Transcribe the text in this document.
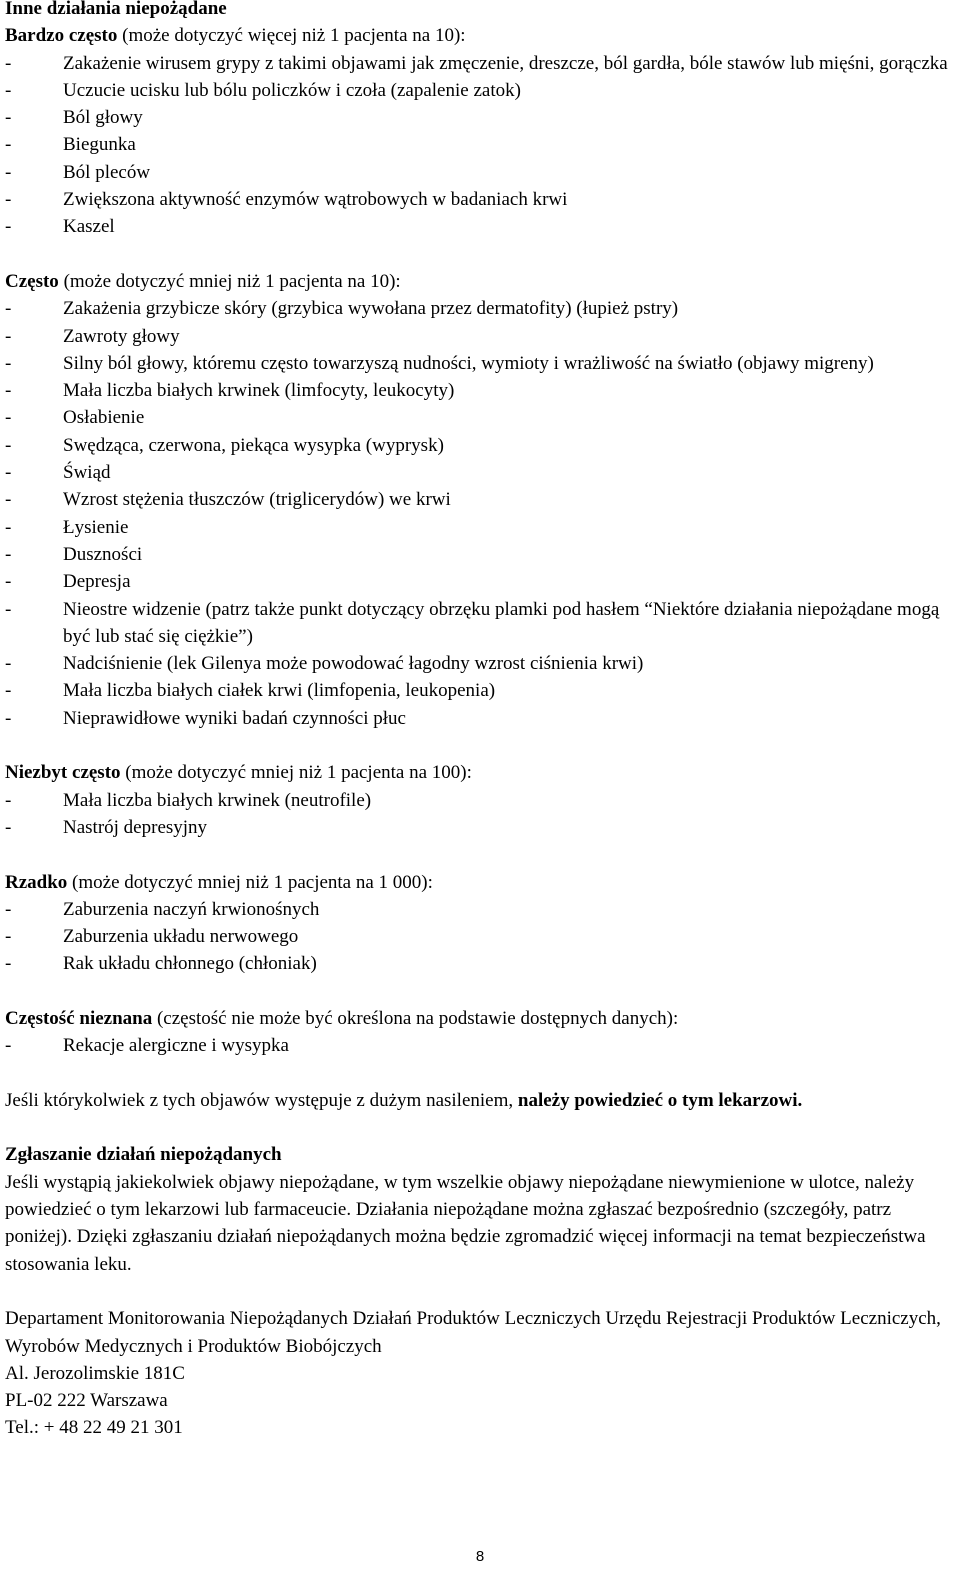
Inne działania niepożądane

Bardzo często (może dotyczyć więcej niż 1 pacjenta na 10):

-	Zakażenie wirusem grypy z takimi objawami jak zmęczenie, dreszcze, ból gardła, bóle stawów lub mięśni, gorączka
-	Uczucie ucisku lub bólu policzków i czoła (zapalenie zatok)
-	Ból głowy
-	Biegunka
-	Ból pleców
-	Zwiększona aktywność enzymów wątrobowych w badaniach krwi
-	Kaszel

Często (może dotyczyć mniej niż 1 pacjenta na 10):

-	Zakażenia grzybicze skóry (grzybica wywołana przez dermatofity) (łupież pstry)
-	Zawroty głowy
-	Silny ból głowy, któremu często towarzyszą nudności, wymioty i wrażliwość na światło (objawy migreny)
-	Mała liczba białych krwinek (limfocyty, leukocyty)
-	Osłabienie
-	Swędząca, czerwona, piekąca wysypka (wyprysk)
-	Świąd
-	Wzrost stężenia tłuszczów (triglicerydów) we krwi
-	Łysienie
-	Duszności
-	Depresja
-	Nieostre widzenie (patrz także punkt dotyczący obrzęku plamki pod hasłem “Niektóre działania niepożądane mogą być lub stać się ciężkie”)
-	Nadciśnienie (lek Gilenya może powodować łagodny wzrost ciśnienia krwi)
-	Mała liczba białych ciałek krwi (limfopenia, leukopenia)
-	Nieprawidłowe wyniki badań czynności płuc

Niezbyt często (może dotyczyć mniej niż 1 pacjenta na 100):

-	Mała liczba białych krwinek (neutrofile)
-	Nastrój depresyjny

Rzadko (może dotyczyć mniej niż 1 pacjenta na 1 000):

-	Zaburzenia naczyń krwionośnych
-	Zaburzenia układu nerwowego
-	Rak układu chłonnego (chłoniak)

Częstość nieznana (częstość nie może być określona na podstawie dostępnych danych):

-	Rekacje alergiczne i wysypka

Jeśli którykolwiek z tych objawów występuje z dużym nasileniem, należy powiedzieć o tym lekarzowi.

Zgłaszanie działań niepożądanych

Jeśli wystąpią jakiekolwiek objawy niepożądane, w tym wszelkie objawy niepożądane niewymienione w ulotce, należy powiedzieć o tym lekarzowi lub farmaceucie. Działania niepożądane można zgłaszać bezpośrednio (szczegóły, patrz poniżej). Dzięki zgłaszaniu działań niepożądanych można będzie zgromadzić więcej informacji na temat bezpieczeństwa stosowania leku.

Departament Monitorowania Niepożądanych Działań Produktów Leczniczych Urzędu Rejestracji Produktów Leczniczych, Wyrobów Medycznych i Produktów Biobójczych

Al. Jerozolimskie 181C

PL-02 222 Warszawa

Tel.: + 48 22 49 21 301

8
